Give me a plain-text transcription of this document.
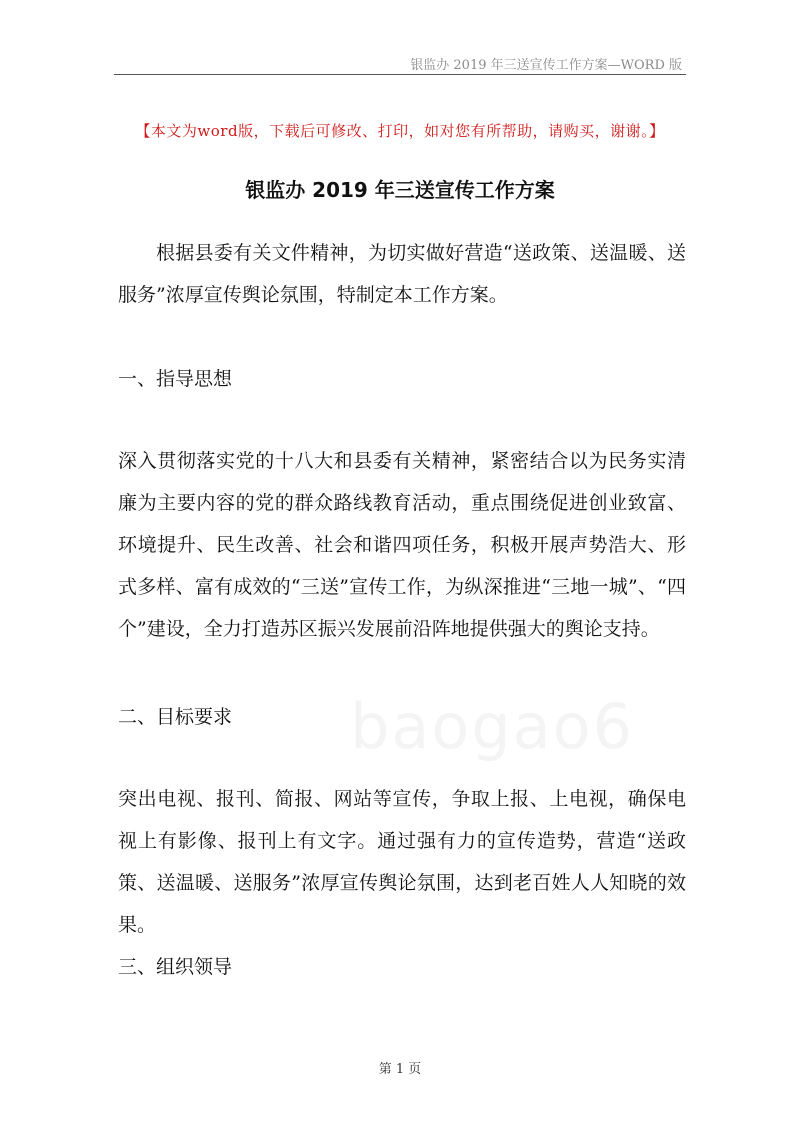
银监办 2019 年三送宣传工作方案—WORD 版
【本文为word版，下载后可修改、打印，如对您有所帮助，请购买，谢谢。】
银监办 2019 年三送宣传工作方案

根据县委有关文件精神，为切实做好营造“送政策、送温暖、送服务”浓厚宣传舆论氛围，特制定本工作方案。

一、指导思想

深入贯彻落实党的十八大和县委有关精神，紧密结合以为民务实清廉为主要内容的党的群众路线教育活动，重点围绕促进创业致富、环境提升、民生改善、社会和谐四项任务，积极开展声势浩大、形式多样、富有成效的“三送”宣传工作，为纵深推进“三地一城”、“四个”建设，全力打造苏区振兴发展前沿阵地提供强大的舆论支持。

二、目标要求

突出电视、报刊、简报、网站等宣传，争取上报、上电视，确保电视上有影像、报刊上有文字。通过强有力的宣传造势，营造“送政策、送温暖、送服务”浓厚宣传舆论氛围，达到老百姓人人知晓的效果。

三、组织领导
baogao6
第 1 页
